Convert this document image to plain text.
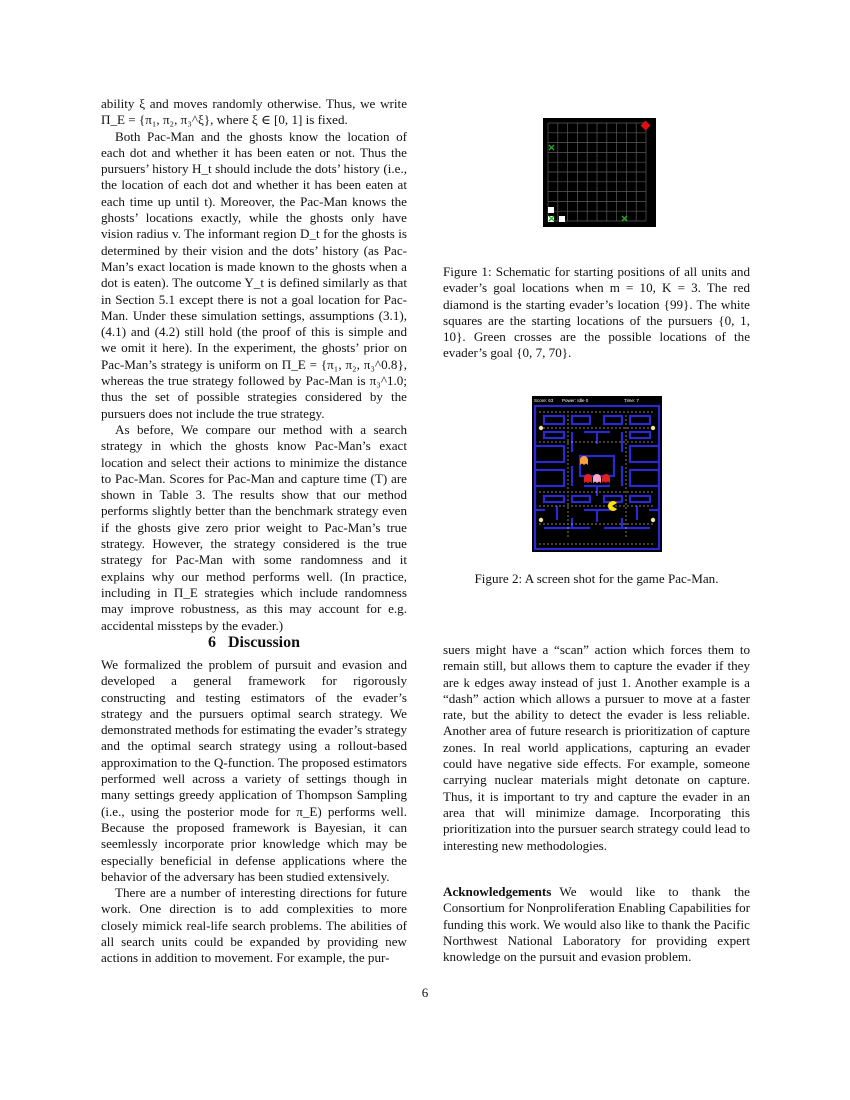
ability ξ and moves randomly otherwise. Thus, we write Π_E = {π₁, π₂, π₃^ξ}, where ξ ∈ [0, 1] is fixed.

Both Pac-Man and the ghosts know the location of each dot and whether it has been eaten or not. Thus the pursuers’ history H_t should include the dots’ history (i.e., the location of each dot and whether it has been eaten at each time up until t). Moreover, the Pac-Man knows the ghosts’ locations exactly, while the ghosts only have vision radius v. The informant region D_t for the ghosts is determined by their vision and the dots’ history (as Pac-Man’s exact location is made known to the ghosts when a dot is eaten). The outcome Y_t is defined similarly as that in Section 5.1 except there is not a goal location for Pac-Man. Under these simulation settings, assumptions (3.1), (4.1) and (4.2) still hold (the proof of this is simple and we omit it here). In the experiment, the ghosts’ prior on Pac-Man’s strategy is uniform on Π_E = {π₁, π₂, π₃^0.8}, whereas the true strategy followed by Pac-Man is π₃^1.0; thus the set of possible strategies considered by the pursuers does not include the true strategy.

As before, We compare our method with a search strategy in which the ghosts know Pac-Man’s exact location and select their actions to minimize the distance to Pac-Man. Scores for Pac-Man and capture time (T) are shown in Table 3. The results show that our method performs slightly better than the benchmark strategy even if the ghosts give zero prior weight to Pac-Man’s true strategy. However, the strategy considered is the true strategy for Pac-Man with some randomness and it explains why our method performs well. (In practice, including in Π_E strategies which include randomness may improve robustness, as this may account for e.g. accidental missteps by the evader.)

6 Discussion

We formalized the problem of pursuit and evasion and developed a general framework for rigorously constructing and testing estimators of the evader’s strategy and the pursuers optimal search strategy. We demonstrated methods for estimating the evader’s strategy and the optimal search strategy using a rollout-based approximation to the Q-function. The proposed estimators performed well across a variety of settings though in many settings greedy application of Thompson Sampling (i.e., using the posterior mode for π_E) performs well. Because the proposed framework is Bayesian, it can seemlessly incorporate prior knowledge which may be especially beneficial in defense applications where the behavior of the adversary has been studied extensively.

There are a number of interesting directions for future work. One direction is to add complexities to more closely mimick real-life search problems. The abilities of all search units could be expanded by providing new actions in addition to movement. For example, the pur-

Figure 1: Schematic for starting positions of all units and evader’s goal locations when m = 10, K = 3. The red diamond is the starting evader’s location {99}. The white squares are the starting locations of the pursuers {0, 1, 10}. Green crosses are the possible locations of the evader’s goal {0, 7, 70}.
Score: 63 Power: Idle 0	Time: 7
Figure 2: A screen shot for the game Pac-Man.

suers might have a “scan” action which forces them to remain still, but allows them to capture the evader if they are k edges away instead of just 1. Another example is a “dash” action which allows a pursuer to move at a faster rate, but the ability to detect the evader is less reliable. Another area of future research is prioritization of capture zones. In real world applications, capturing an evader could have negative side effects. For example, someone carrying nuclear materials might detonate on capture. Thus, it is important to try and capture the evader in an area that will minimize damage. Incorporating this prioritization into the pursuer search strategy could lead to interesting new methodologies.

Acknowledgements We would like to thank the Consortium for Nonproliferation Enabling Capabilities for funding this work. We would also like to thank the Pacific Northwest National Laboratory for providing expert knowledge on the pursuit and evasion problem.
6
